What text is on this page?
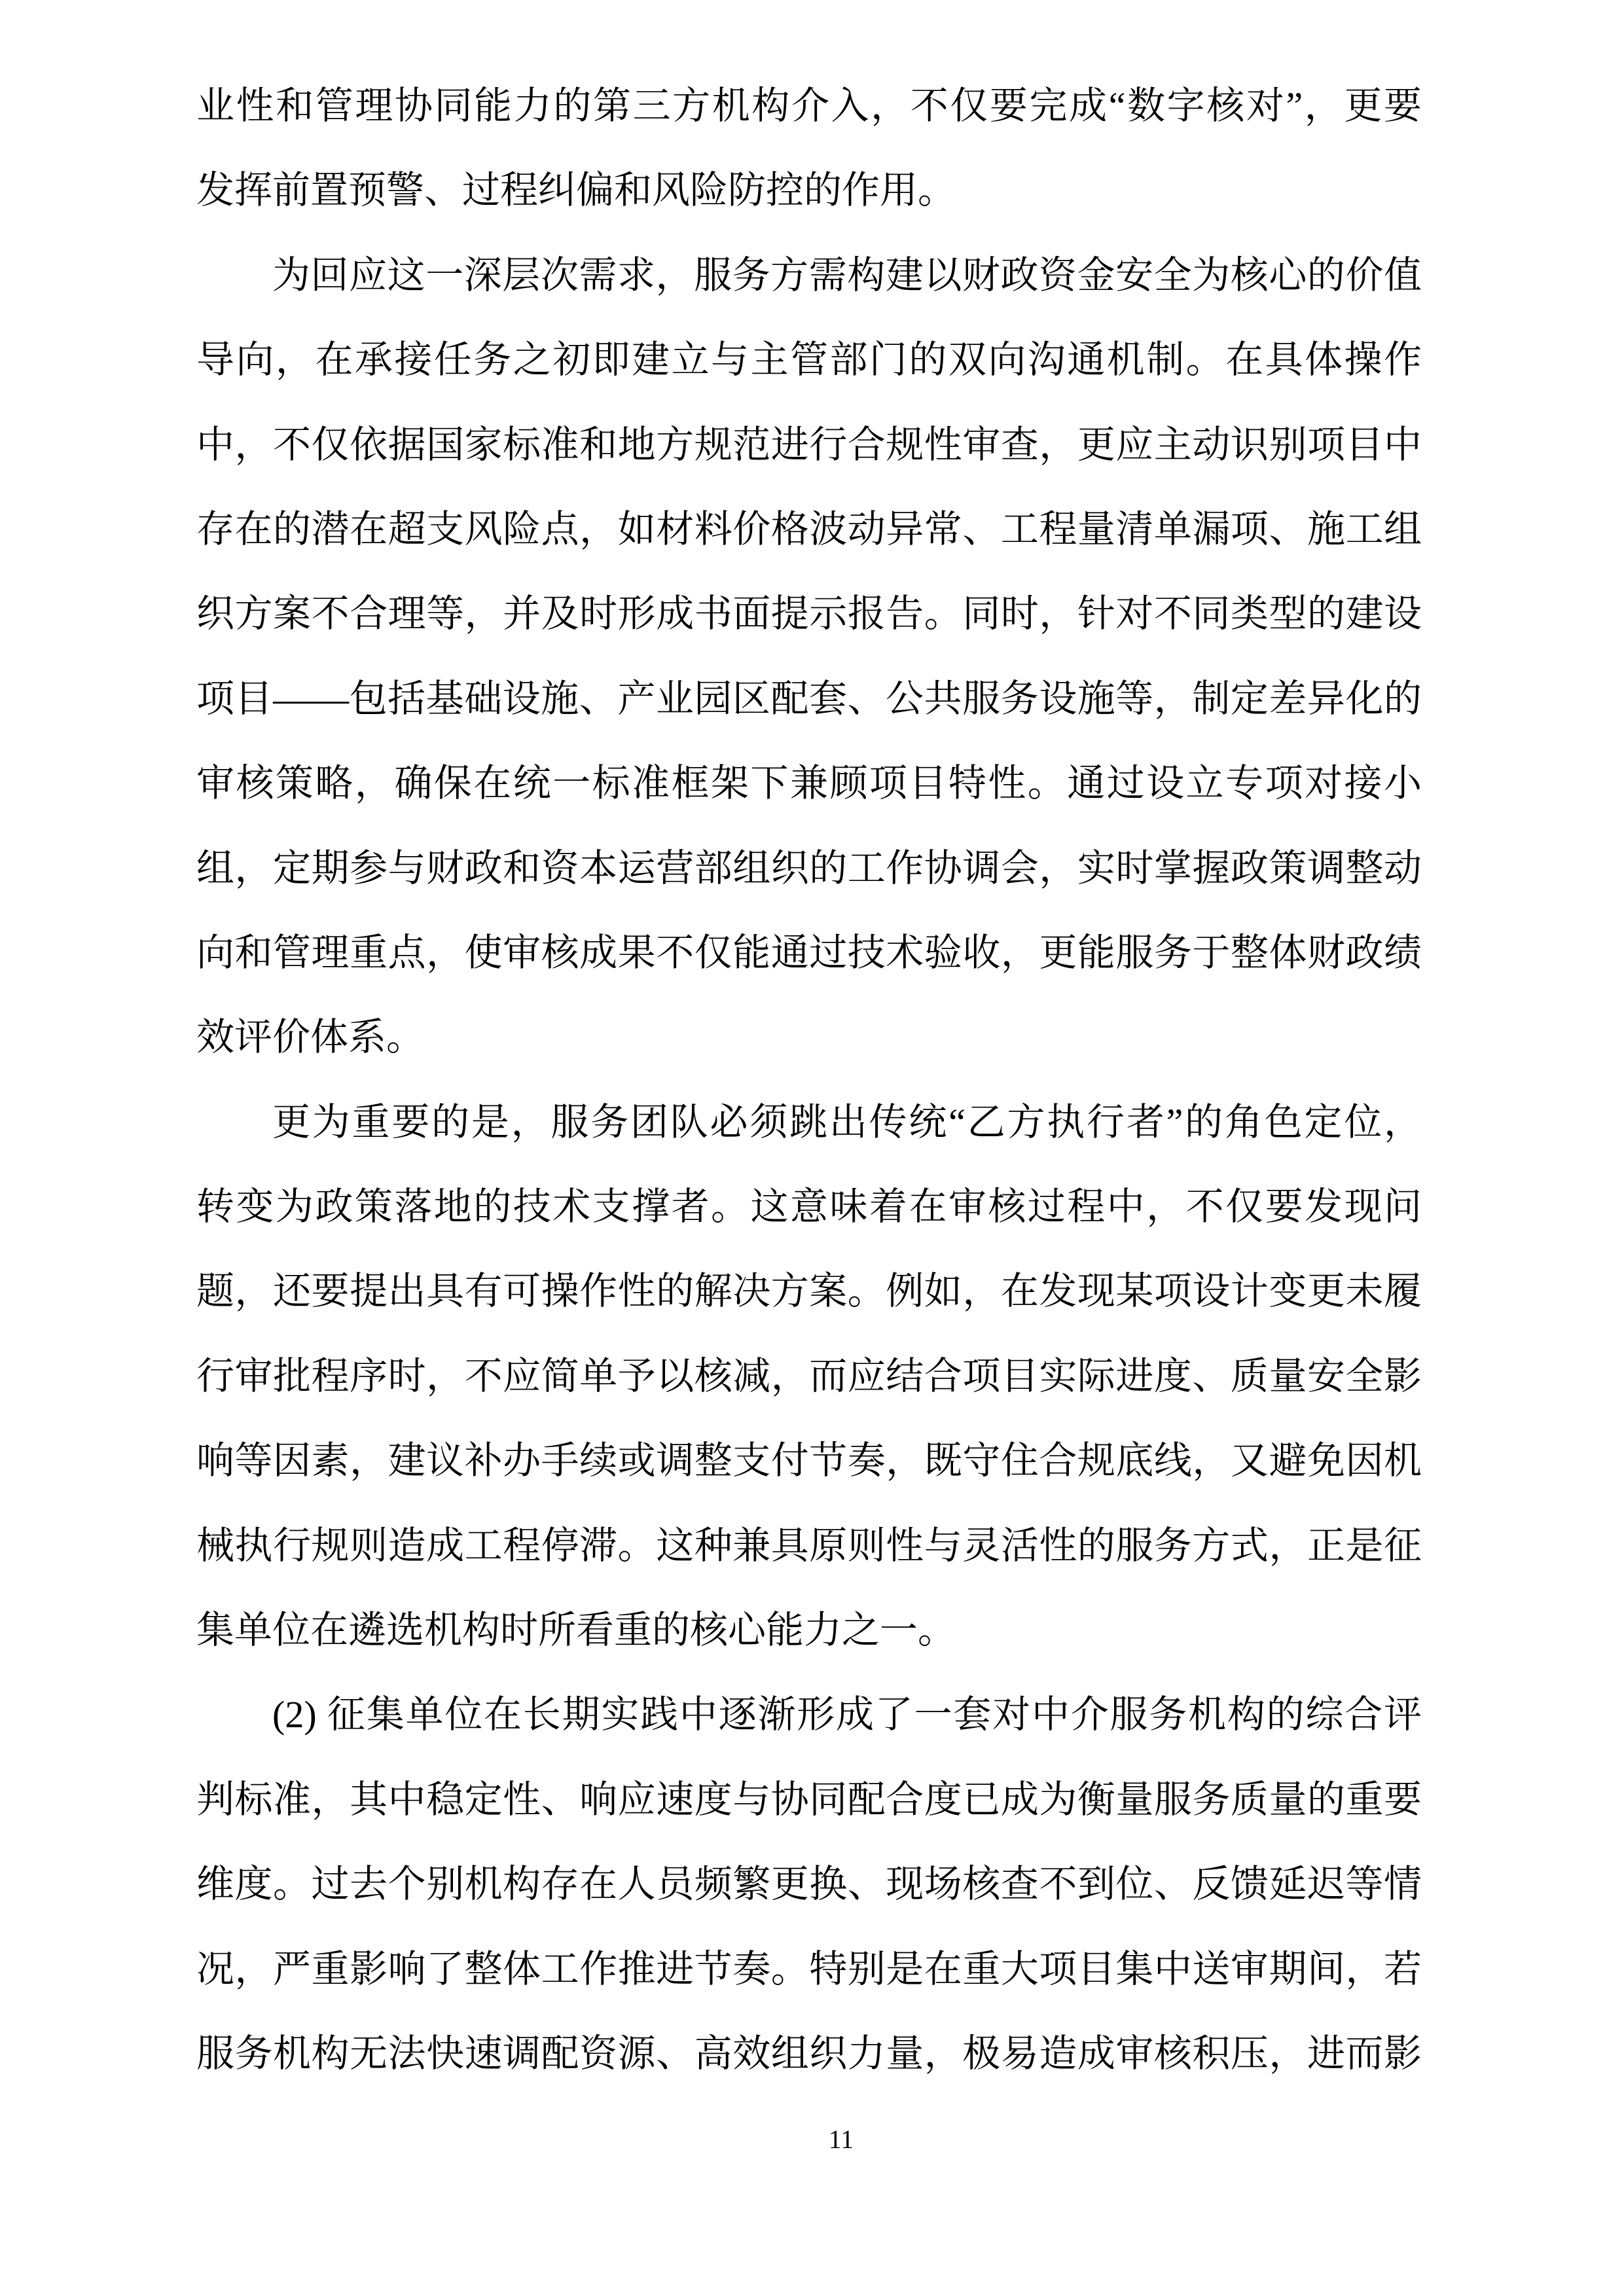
业性和管理协同能力的第三方机构介入，不仅要完成“数字核对”，更要
发挥前置预警、过程纠偏和风险防控的作用。
为回应这一深层次需求，服务方需构建以财政资金安全为核心的价值
导向，在承接任务之初即建立与主管部门的双向沟通机制。在具体操作
中，不仅依据国家标准和地方规范进行合规性审查，更应主动识别项目中
存在的潜在超支风险点，如材料价格波动异常、工程量清单漏项、施工组
织方案不合理等，并及时形成书面提示报告。同时，针对不同类型的建设
项目——包括基础设施、产业园区配套、公共服务设施等，制定差异化的
审核策略，确保在统一标准框架下兼顾项目特性。通过设立专项对接小
组，定期参与财政和资本运营部组织的工作协调会，实时掌握政策调整动
向和管理重点，使审核成果不仅能通过技术验收，更能服务于整体财政绩
效评价体系。
更为重要的是，服务团队必须跳出传统“乙方执行者”的角色定位，
转变为政策落地的技术支撑者。这意味着在审核过程中，不仅要发现问
题，还要提出具有可操作性的解决方案。例如，在发现某项设计变更未履
行审批程序时，不应简单予以核减，而应结合项目实际进度、质量安全影
响等因素，建议补办手续或调整支付节奏，既守住合规底线，又避免因机
械执行规则造成工程停滞。这种兼具原则性与灵活性的服务方式，正是征
集单位在遴选机构时所看重的核心能力之一。
(2) 征集单位在长期实践中逐渐形成了一套对中介服务机构的综合评
判标准，其中稳定性、响应速度与协同配合度已成为衡量服务质量的重要
维度。过去个别机构存在人员频繁更换、现场核查不到位、反馈延迟等情
况，严重影响了整体工作推进节奏。特别是在重大项目集中送审期间，若
服务机构无法快速调配资源、高效组织力量，极易造成审核积压，进而影
11
